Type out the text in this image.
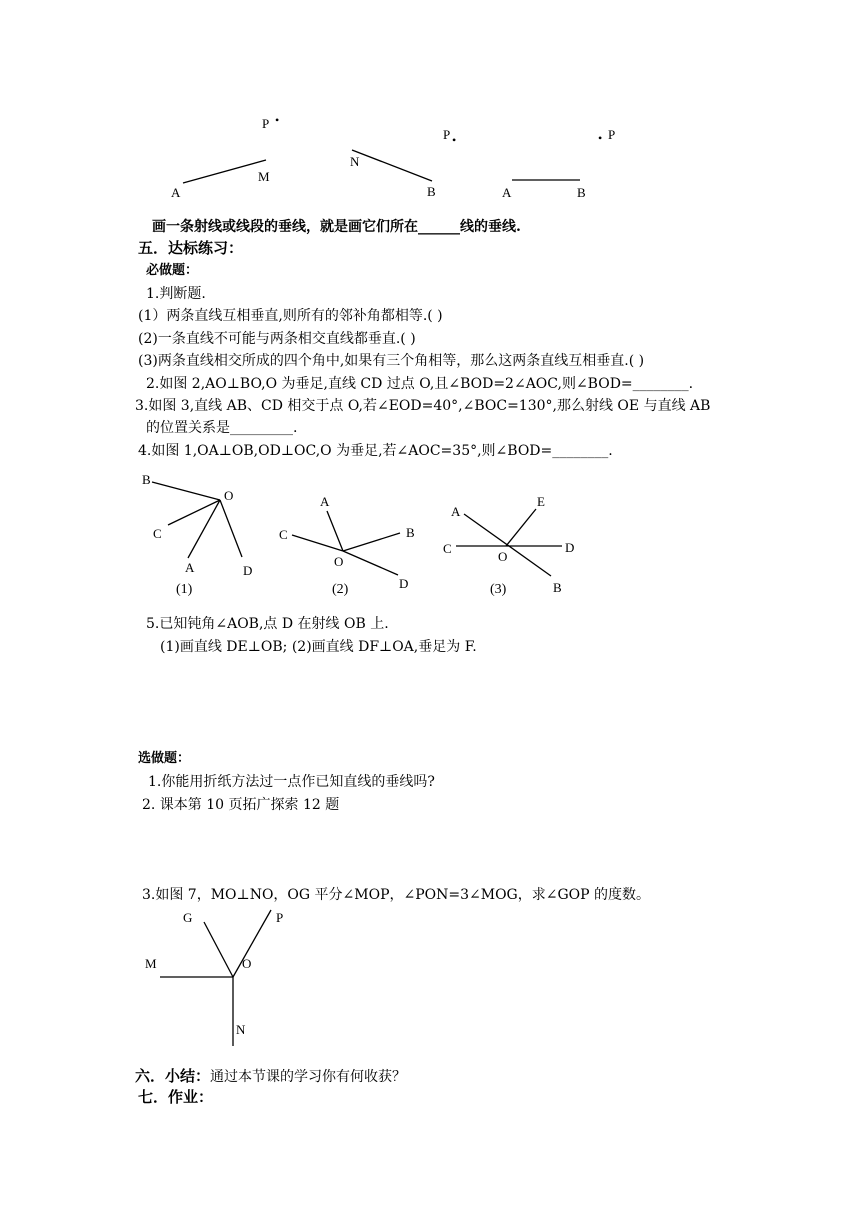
P •
A
M
P •
N
B
• P
A	B
画一条射线或线段的垂线，就是画它们所在______线的垂线.
五．达标练习：
必做题：
1.判断题.
(1）两条直线互相垂直,则所有的邻补角都相等.( )
(2)一条直线不可能与两条相交直线都垂直.( )
(3)两条直线相交所成的四个角中,如果有三个角相等，那么这两条直线互相垂直.( )
2.如图 2,AO⊥BO,O 为垂足,直线 CD 过点 O,且∠BOD=2∠AOC,则∠BOD=________.
3.如图 3,直线 AB、CD 相交于点 O,若∠EOD=40°,∠BOC=130°,那么射线 OE 与直线 AB
的位置关系是_________.
4.如图 1,OA⊥OB,OD⊥OC,O 为垂足,若∠AOC=35°,则∠BOD=________.
B
O
C
A	D
(1)
A
B
C
O
D
(2)
A
E
C
O
D
B
(3)
5.已知钝角∠AOB,点 D 在射线 OB 上.
(1)画直线 DE⊥OB; (2)画直线 DF⊥OA,垂足为 F.
选做题：
1.你能用折纸方法过一点作已知直线的垂线吗?
2. 课本第 10 页拓广探索 12 题
3.如图 7，MO⊥NO，OG 平分∠MOP，∠PON=3∠MOG，求∠GOP 的度数。
G	P
M	O
N
六．小结：通过本节课的学习你有何收获？
七．作业：
